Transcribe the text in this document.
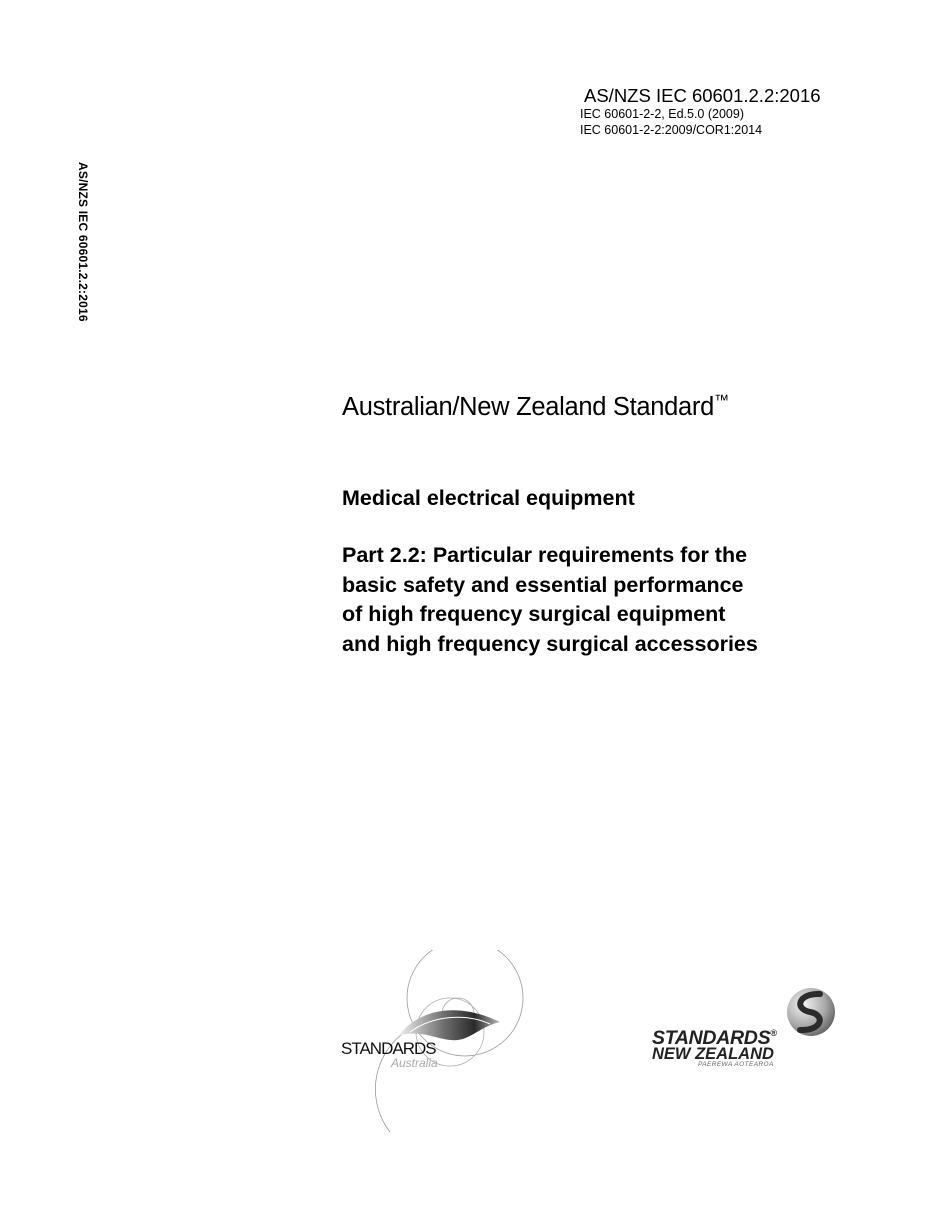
AS/NZS IEC 60601.2.2:2016
AS/NZS IEC 60601.2.2:2016
IEC 60601-2-2, Ed.5.0 (2009)
IEC 60601-2-2:2009/COR1:2014
Australian/New Zealand Standard™
Medical electrical equipment
Part 2.2: Particular requirements for the
basic safety and essential performance
of high frequency surgical equipment
and high frequency surgical accessories
STANDARDS
Australia
STANDARDS®
NEW ZEALAND
PAEREWA AOTEAROA
